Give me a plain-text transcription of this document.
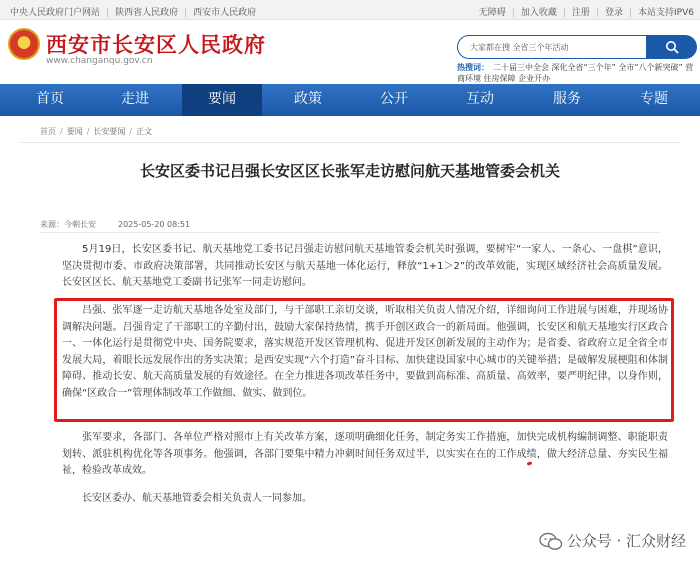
中央人民政府门户网站 | 陕西省人民政府 | 西安市人民政府	无障碍 | 加入收藏 | 注册 | 登录 | 本站支持IPV6
西安市长安区人民政府
www.changanqu.gov.cn
大家都在搜 全省三个年活动
热搜词： 二十届三中全会 深化全省“三个年” 全市“八个新突破” 营商环境 住房保障 企业开办
首页	走进	要闻	政策	公开	互动	服务	专题
首页 / 要闻 / 长安要闻 / 正文
长安区委书记吕强长安区区长张军走访慰问航天基地管委会机关
来源：今朝长安	2025-05-20 08:51
5月19日，长安区委书记、航天基地党工委书记吕强走访慰问航天基地管委会机关时强调，要树牢“一家人、一条心、一盘棋”意识，坚决贯彻市委、市政府决策部署，共同推动长安区与航天基地一体化运行，释放“1+1＞2”的改革效能，实现区域经济社会高质量发展。长安区区长、航天基地党工委副书记张军一同走访慰问。
吕强、张军逐一走访航天基地各处室及部门，与干部职工亲切交谈，听取相关负责人情况介绍，详细询问工作进展与困难，并现场协调解决问题。吕强肯定了干部职工的辛勤付出，鼓励大家保持热情，携手开创区政合一的新局面。他强调，长安区和航天基地实行区政合一、一体化运行是贯彻党中央、国务院要求，落实规范开发区管理机构、促进开发区创新发展的主动作为；是省委、省政府立足全省全市发展大局，着眼长远发展作出的务实决策；是西安实现“六个打造”奋斗目标、加快建设国家中心城市的关键举措；是破解发展梗阻和体制障碍、推动长安、航天高质量发展的有效途径。在全力推进各项改革任务中，要做到高标准、高质量、高效率，要严明纪律，以身作则，确保“区政合一”管理体制改革工作做细、做实、做到位。
张军要求，各部门、各单位严格对照市上有关改革方案，逐项明确细化任务，制定务实工作措施，加快完成机构编制调整、职能职责划转、派驻机构优化等各项事务。他强调，各部门要集中精力冲刺时间任务双过半，以实实在在的工作成绩，做大经济总量、夯实民生福祉，检验改革成效。
长安区委办、航天基地管委会相关负责人一同参加。
公众号 · 汇众财经
